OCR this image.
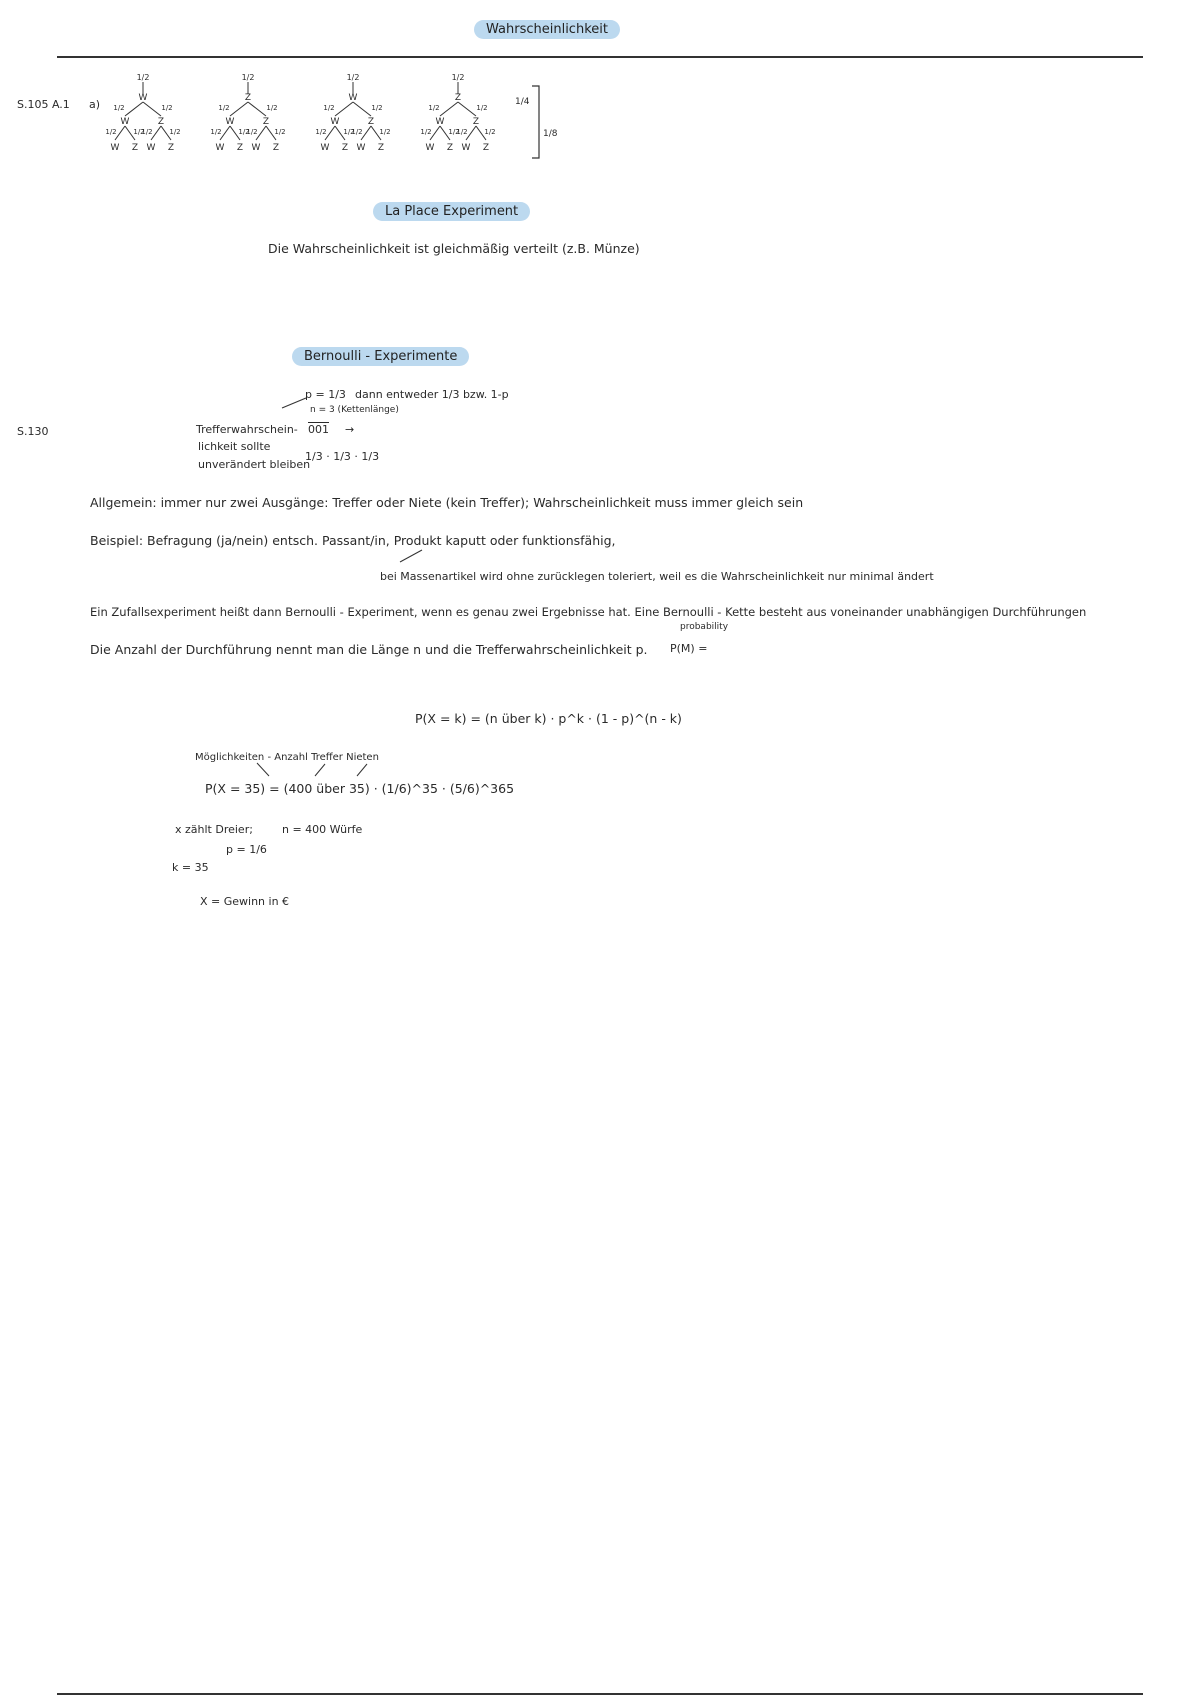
Wahrscheinlichkeit
S.105 A.1 a)
1/2
W
1/2	1/2
W	Z
1/2 1/2
1/2 1/2
W Z W Z
1/2
Z
1/2	1/2
W	Z
1/2 1/2
1/2 1/2
W Z W Z
1/2
W
1/2	1/2
W	Z
1/2 1/2
1/2 1/2
W Z W Z
1/2
Z
1/2	1/2
W	Z
1/2 1/2
1/2 1/2
W Z W Z
1/4
1/8
La Place Experiment
Die Wahrscheinlichkeit ist gleichmäßig verteilt (z.B. Münze)
Bernoulli - Experimente
p = 1/3 dann entweder 1/3 bzw. 1-p
n = 3 (Kettenlänge)
S.130	Trefferwahrschein-
lichkeit sollte
unverändert bleiben
001 →
1/3 · 1/3 · 1/3
Allgemein: immer nur zwei Ausgänge: Treffer oder Niete (kein Treffer); Wahrscheinlichkeit muss immer gleich sein
Beispiel: Befragung (ja/nein) entsch. Passant/in, Produkt kaputt oder funktionsfähig,
bei Massenartikel wird ohne zurücklegen toleriert, weil es die Wahrscheinlichkeit nur minimal ändert
Ein Zufallsexperiment heißt dann Bernoulli - Experiment, wenn es genau zwei Ergebnisse hat. Eine Bernoulli - Kette besteht aus voneinander unabhängigen Durchführungen
probability
Die Anzahl der Durchführung nennt man die Länge n und die Trefferwahrscheinlichkeit p. P(M) =
P(X = k) = (n über k) · p^k · (1 - p)^(n - k)
Möglichkeiten - Anzahl Treffer Nieten
P(X = 35) = (400 über 35) · (1/6)^35 · (5/6)^365
x zählt Dreier;	n = 400 Würfe
p = 1/6
k = 35
X = Gewinn in €
